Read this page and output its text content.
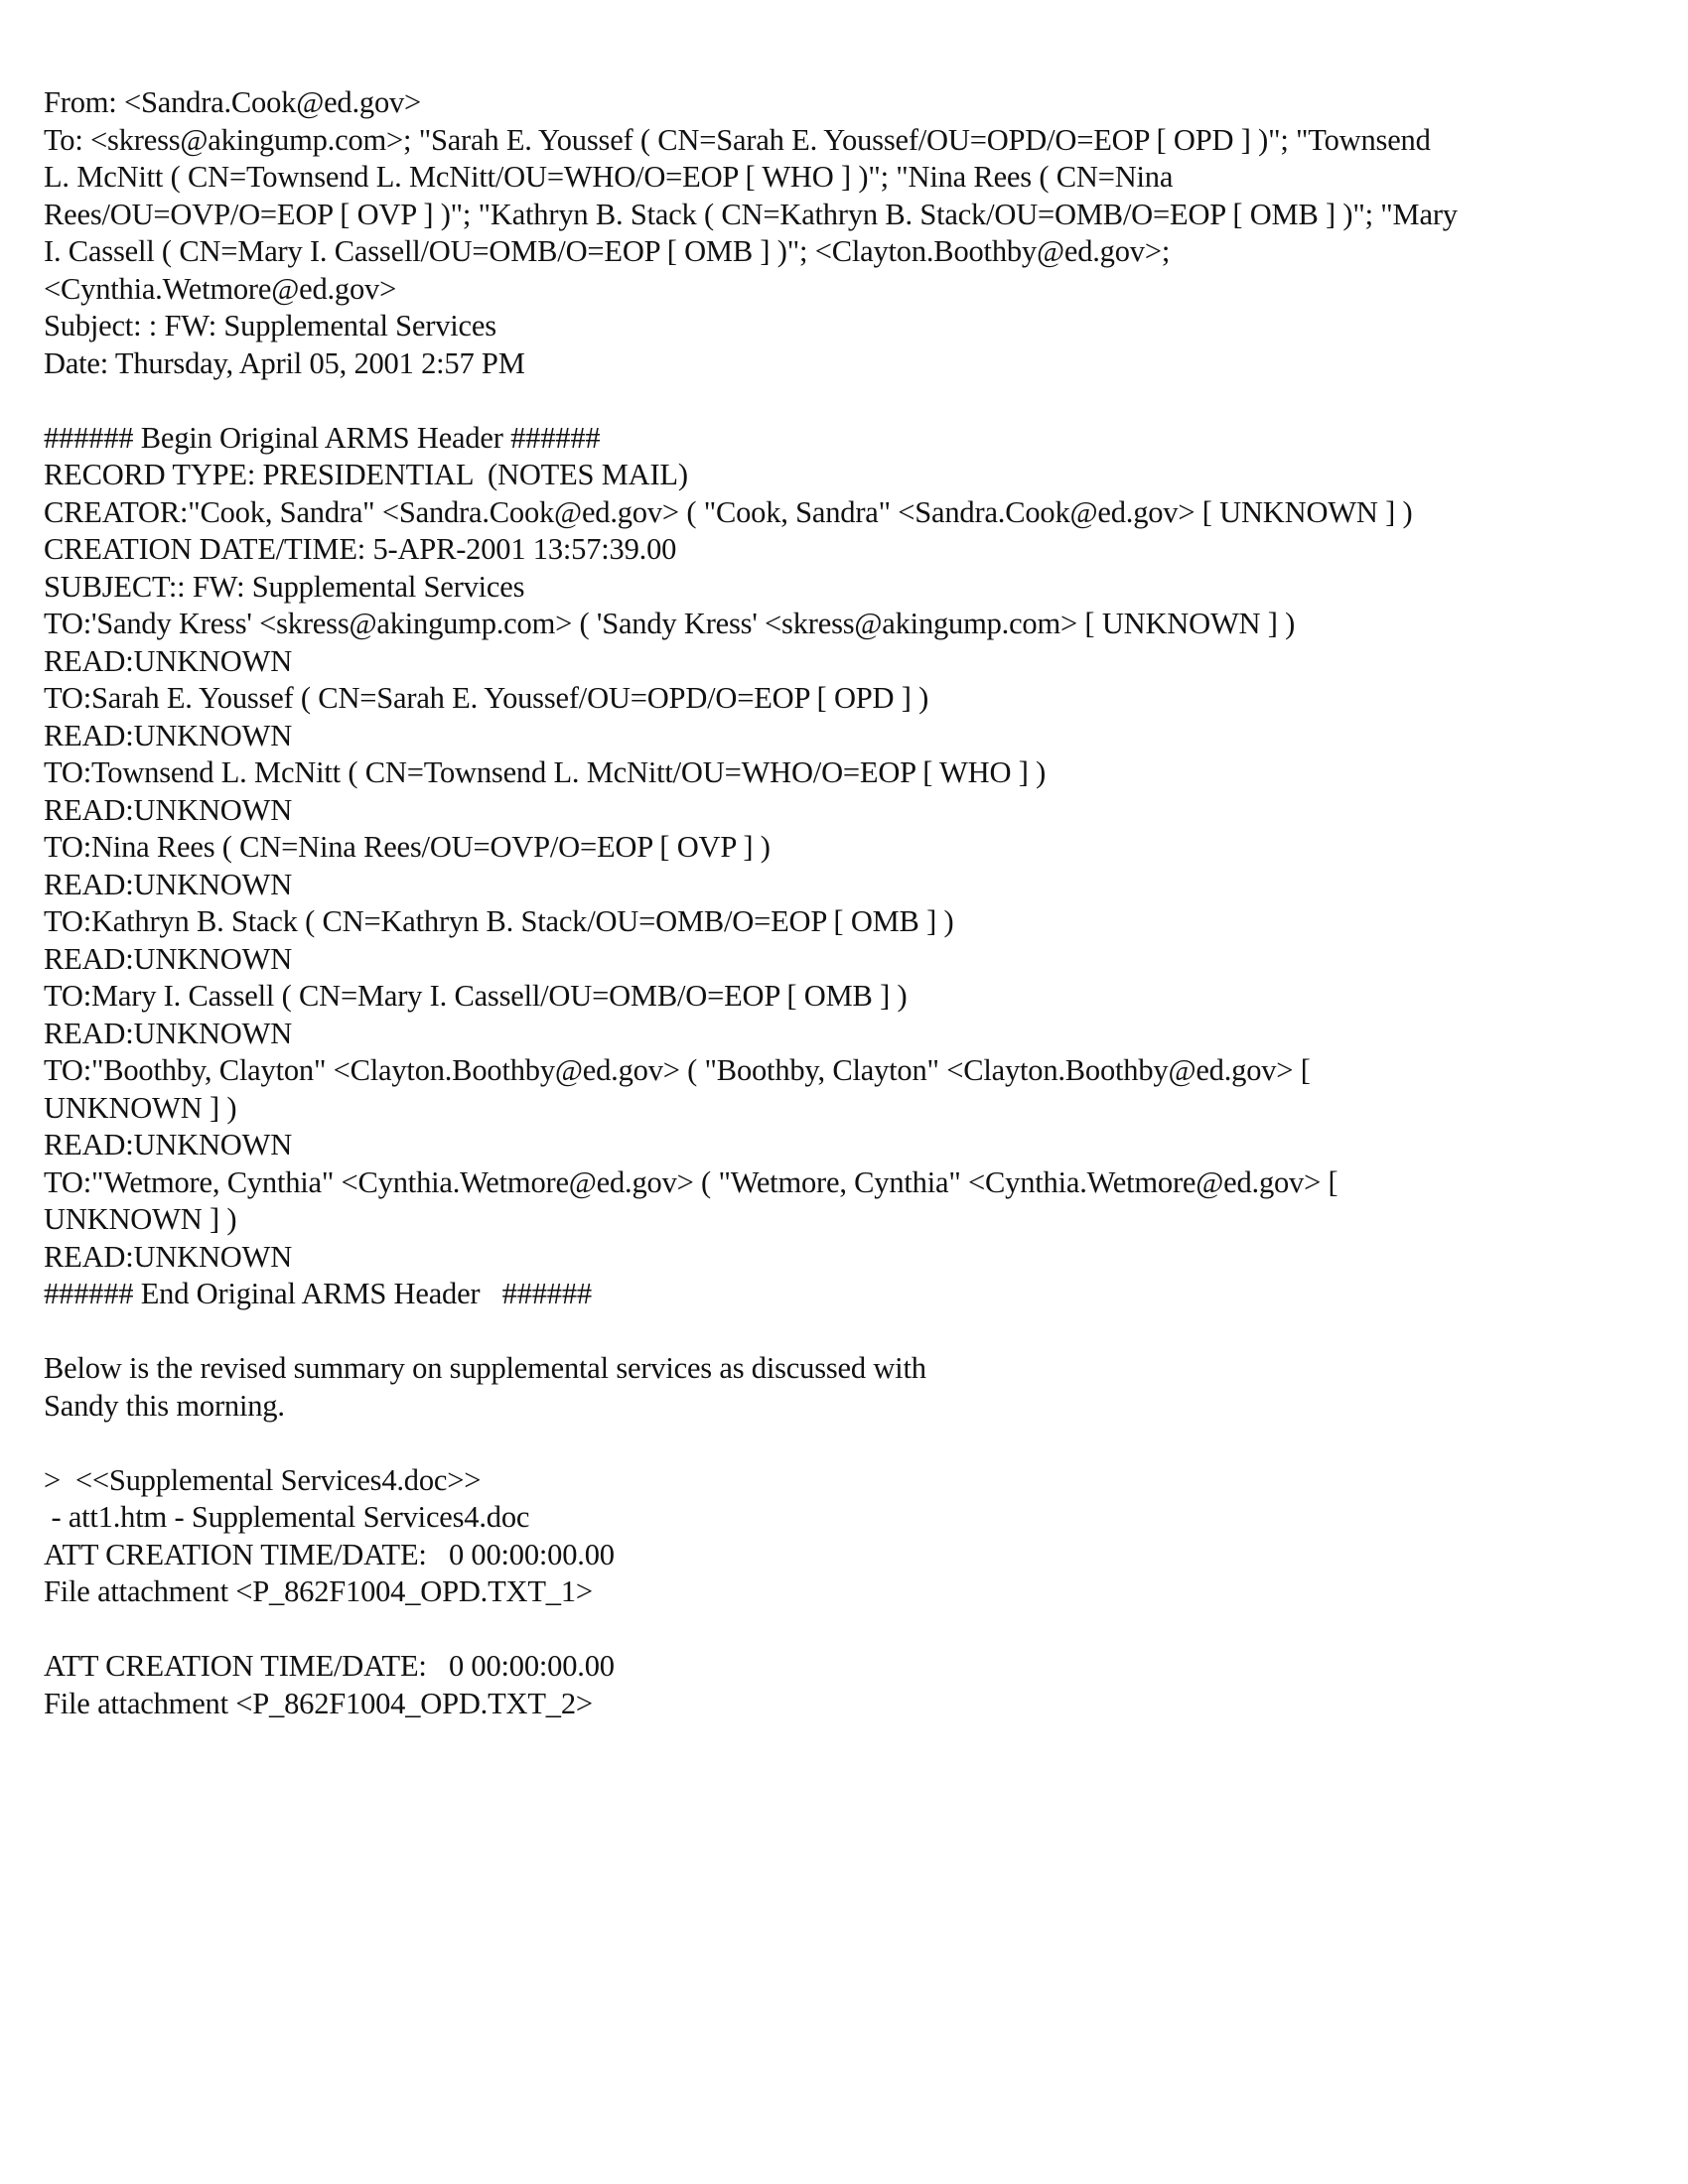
From: <Sandra.Cook@ed.gov>

To: <skress@akingump.com>; "Sarah E. Youssef ( CN=Sarah E. Youssef/OU=OPD/O=EOP [ OPD ] )"; "Townsend

L. McNitt ( CN=Townsend L. McNitt/OU=WHO/O=EOP [ WHO ] )"; "Nina Rees ( CN=Nina

Rees/OU=OVP/O=EOP [ OVP ] )"; "Kathryn B. Stack ( CN=Kathryn B. Stack/OU=OMB/O=EOP [ OMB ] )"; "Mary

I. Cassell ( CN=Mary I. Cassell/OU=OMB/O=EOP [ OMB ] )"; <Clayton.Boothby@ed.gov>;

<Cynthia.Wetmore@ed.gov>

Subject: : FW: Supplemental Services

Date: Thursday, April 05, 2001 2:57 PM

###### Begin Original ARMS Header ######

RECORD TYPE: PRESIDENTIAL  (NOTES MAIL)

CREATOR:"Cook, Sandra" <Sandra.Cook@ed.gov> ( "Cook, Sandra" <Sandra.Cook@ed.gov> [ UNKNOWN ] )

CREATION DATE/TIME: 5-APR-2001 13:57:39.00

SUBJECT:: FW: Supplemental Services

TO:'Sandy Kress' <skress@akingump.com> ( 'Sandy Kress' <skress@akingump.com> [ UNKNOWN ] )

READ:UNKNOWN

TO:Sarah E. Youssef ( CN=Sarah E. Youssef/OU=OPD/O=EOP [ OPD ] )

READ:UNKNOWN

TO:Townsend L. McNitt ( CN=Townsend L. McNitt/OU=WHO/O=EOP [ WHO ] )

READ:UNKNOWN

TO:Nina Rees ( CN=Nina Rees/OU=OVP/O=EOP [ OVP ] )

READ:UNKNOWN

TO:Kathryn B. Stack ( CN=Kathryn B. Stack/OU=OMB/O=EOP [ OMB ] )

READ:UNKNOWN

TO:Mary I. Cassell ( CN=Mary I. Cassell/OU=OMB/O=EOP [ OMB ] )

READ:UNKNOWN

TO:"Boothby, Clayton" <Clayton.Boothby@ed.gov> ( "Boothby, Clayton" <Clayton.Boothby@ed.gov> [

UNKNOWN ] )

READ:UNKNOWN

TO:"Wetmore, Cynthia" <Cynthia.Wetmore@ed.gov> ( "Wetmore, Cynthia" <Cynthia.Wetmore@ed.gov> [

UNKNOWN ] )

READ:UNKNOWN

###### End Original ARMS Header   ######

Below is the revised summary on supplemental services as discussed with

Sandy this morning.

>  <<Supplemental Services4.doc>>

- att1.htm - Supplemental Services4.doc

ATT CREATION TIME/DATE:   0 00:00:00.00

File attachment <P_862F1004_OPD.TXT_1>

ATT CREATION TIME/DATE:   0 00:00:00.00

File attachment <P_862F1004_OPD.TXT_2>
